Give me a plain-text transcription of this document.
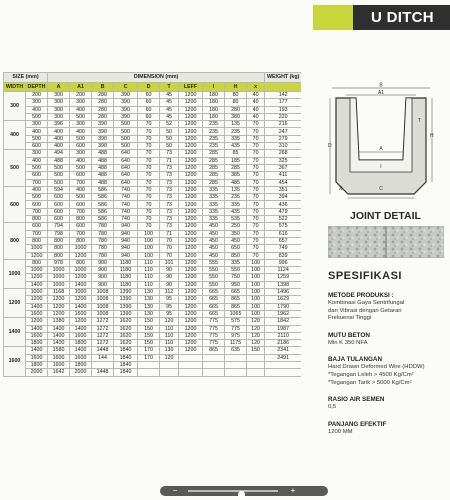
U DITCH
SIZE (mm)		DIMENSION (mm)										WEIGHT (kg)
WIDTH	DEPTH	A	A1	B	C	D	T	LEFF	I	H	x	
300	200	300	200	280	390	60	45	1200	180	80	40	142
	300	300	300	280	390	60	45	1200	180	80	40	177
	400	300	400	280	390	60	45	1200	180	280	40	193
	500	300	500	280	390	60	45	1200	180	380	40	220
400	300	396	300	390	500	70	52	1200	235	135	70	216
	400	400	400	390	500	70	50	1200	235	235	70	247
	500	400	500	390	500	70	50	1200	235	335	70	279
	600	400	600	390	500	70	50	1200	235	435	70	310
500	300	494	300	488	640	70	73	1200	285	85	70	268
	400	488	400	488	640	70	71	1200	285	185	70	325
	500	500	500	488	640	70	73	1200	285	285	70	367
	600	500	600	488	640	70	73	1200	285	385	70	411
	700	500	700	488	640	70	73	1200	285	485	70	454
600	400	594	400	586	740	70	73	1200	335	135	70	351
	500	600	500	586	740	70	73	1200	335	235	70	394
	600	600	600	586	740	70	73	1200	335	335	70	436
	700	600	700	586	740	70	73	1200	335	435	70	479
	800	600	800	586	740	70	73	1200	335	535	70	522
800	600	794	600	780	940	70	73	1200	450	250	70	575
	700	798	700	780	940	100	71	1200	450	350	70	616
	800	800	800	780	940	100	70	1200	450	450	70	657
	1000	800	1000	780	940	100	70	1200	450	650	70	749
	1200	800	1200	780	940	100	70	1200	450	850	70	839
1000	800	978	800	900	1180	110	101	1200	555	335	100	996
	1000	1000	1000	900	1180	110	90	1200	550	550	100	1124
	1200	1000	1200	900	1180	110	90	1200	550	750	100	1259
	1400	1000	1400	900	1180	110	90	1200	550	950	100	1398
1200	1000	1168	1000	1008	1390	130	112	1200	665	665	100	1496
	1200	1200	1200	1008	1390	130	95	1200	665	865	100	1629
	1400	1200	1400	1008	1390	130	95	1200	665	865	100	1790
	1600	1200	1600	1008	1390	130	95	1200	665	1065	100	1962
1400	1200	1380	1200	1272	1620	150	120	1200	775	575	120	1842
	1400	1400	1400	1272	1620	150	110	1200	775	775	120	1987
	1600	1400	1600	1272	1620	150	110	1200	775	975	120	2110
	1800	1400	1800	1272	1620	150	110	1200	775	1175	120	2186
1600	1400	1580	1400	1448	1840	170	130	1200	865	635	150	2341
	1600	1600	1600	144	1840	170	120					2491
	1800	1600	1800		1840							
	2000	1642	2000	1448	1840							
B
A1
A
D
H
T
I
C
X
JOINT DETAIL
SPESIFIKASI
METODE PRODUKSI :
Kombinasi Gaya Sentrifungal
dan Vibrasi dengan Getaran
Frekuensi Tinggi
MUTU BETON
Min K 350 NFA
BAJA TULANGAN
Hard Drawn Deformed Wire (HDDW)
*Tegangan Leleh > 4500 Kg/Cm²
*Tegangan Tarik > 5000 Kg/Cm²
RASIO AIR SEMEN
0,5
PANJANG EFEKTIF
1200 MM
−	+
